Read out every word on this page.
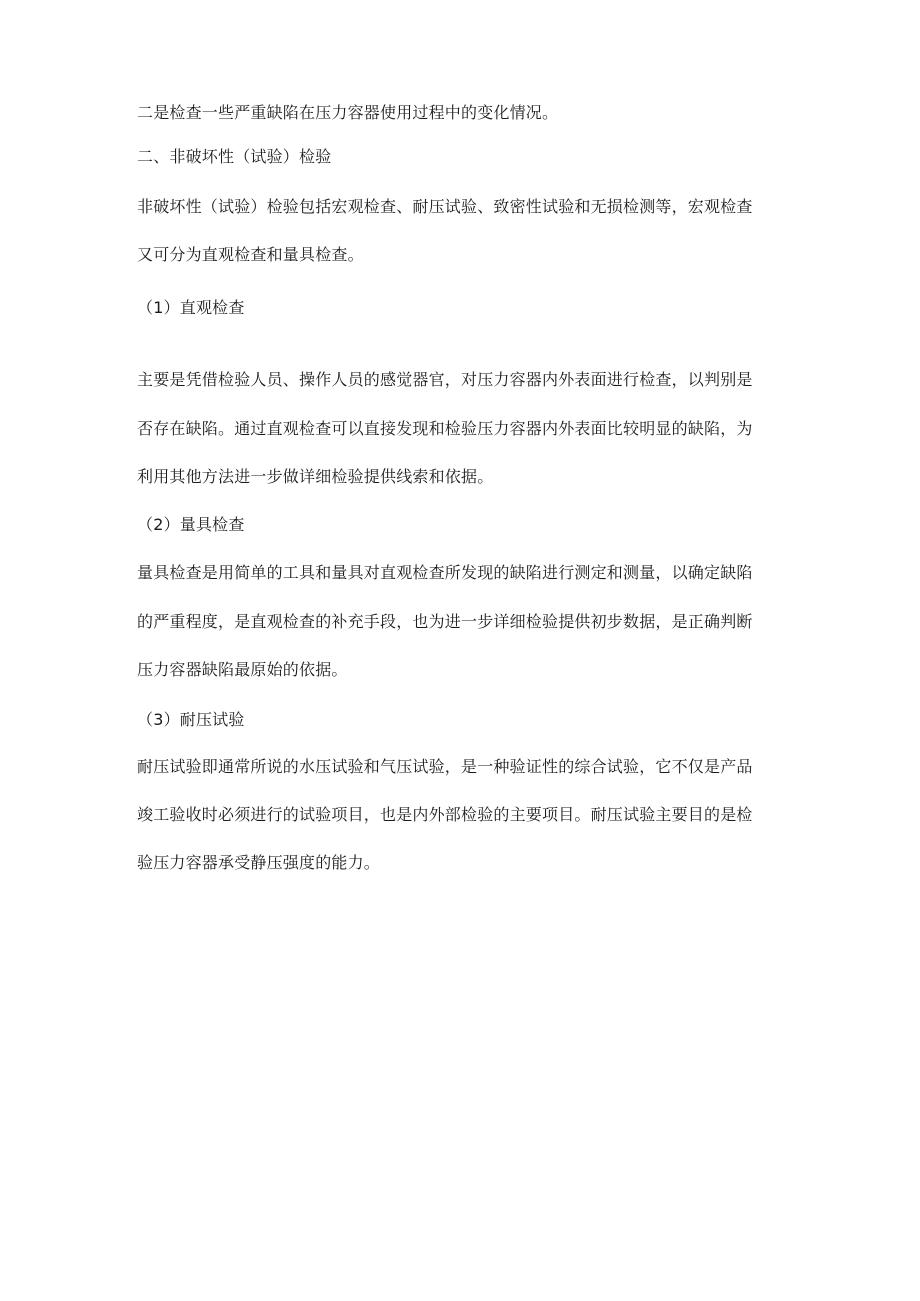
二是检查一些严重缺陷在压力容器使用过程中的变化情况。
二、非破坏性（试验）检验
非破坏性（试验）检验包括宏观检查、耐压试验、致密性试验和无损检测等，宏观检查
又可分为直观检查和量具检查。
（1）直观检查
主要是凭借检验人员、操作人员的感觉器官，对压力容器内外表面进行检查，以判别是
否存在缺陷。通过直观检查可以直接发现和检验压力容器内外表面比较明显的缺陷，为
利用其他方法进一步做详细检验提供线索和依据。
（2）量具检查
量具检查是用简单的工具和量具对直观检查所发现的缺陷进行测定和测量，以确定缺陷
的严重程度，是直观检查的补充手段，也为进一步详细检验提供初步数据，是正确判断
压力容器缺陷最原始的依据。
（3）耐压试验
耐压试验即通常所说的水压试验和气压试验，是一种验证性的综合试验，它不仅是产品
竣工验收时必须进行的试验项目，也是内外部检验的主要项目。耐压试验主要目的是检
验压力容器承受静压强度的能力。
